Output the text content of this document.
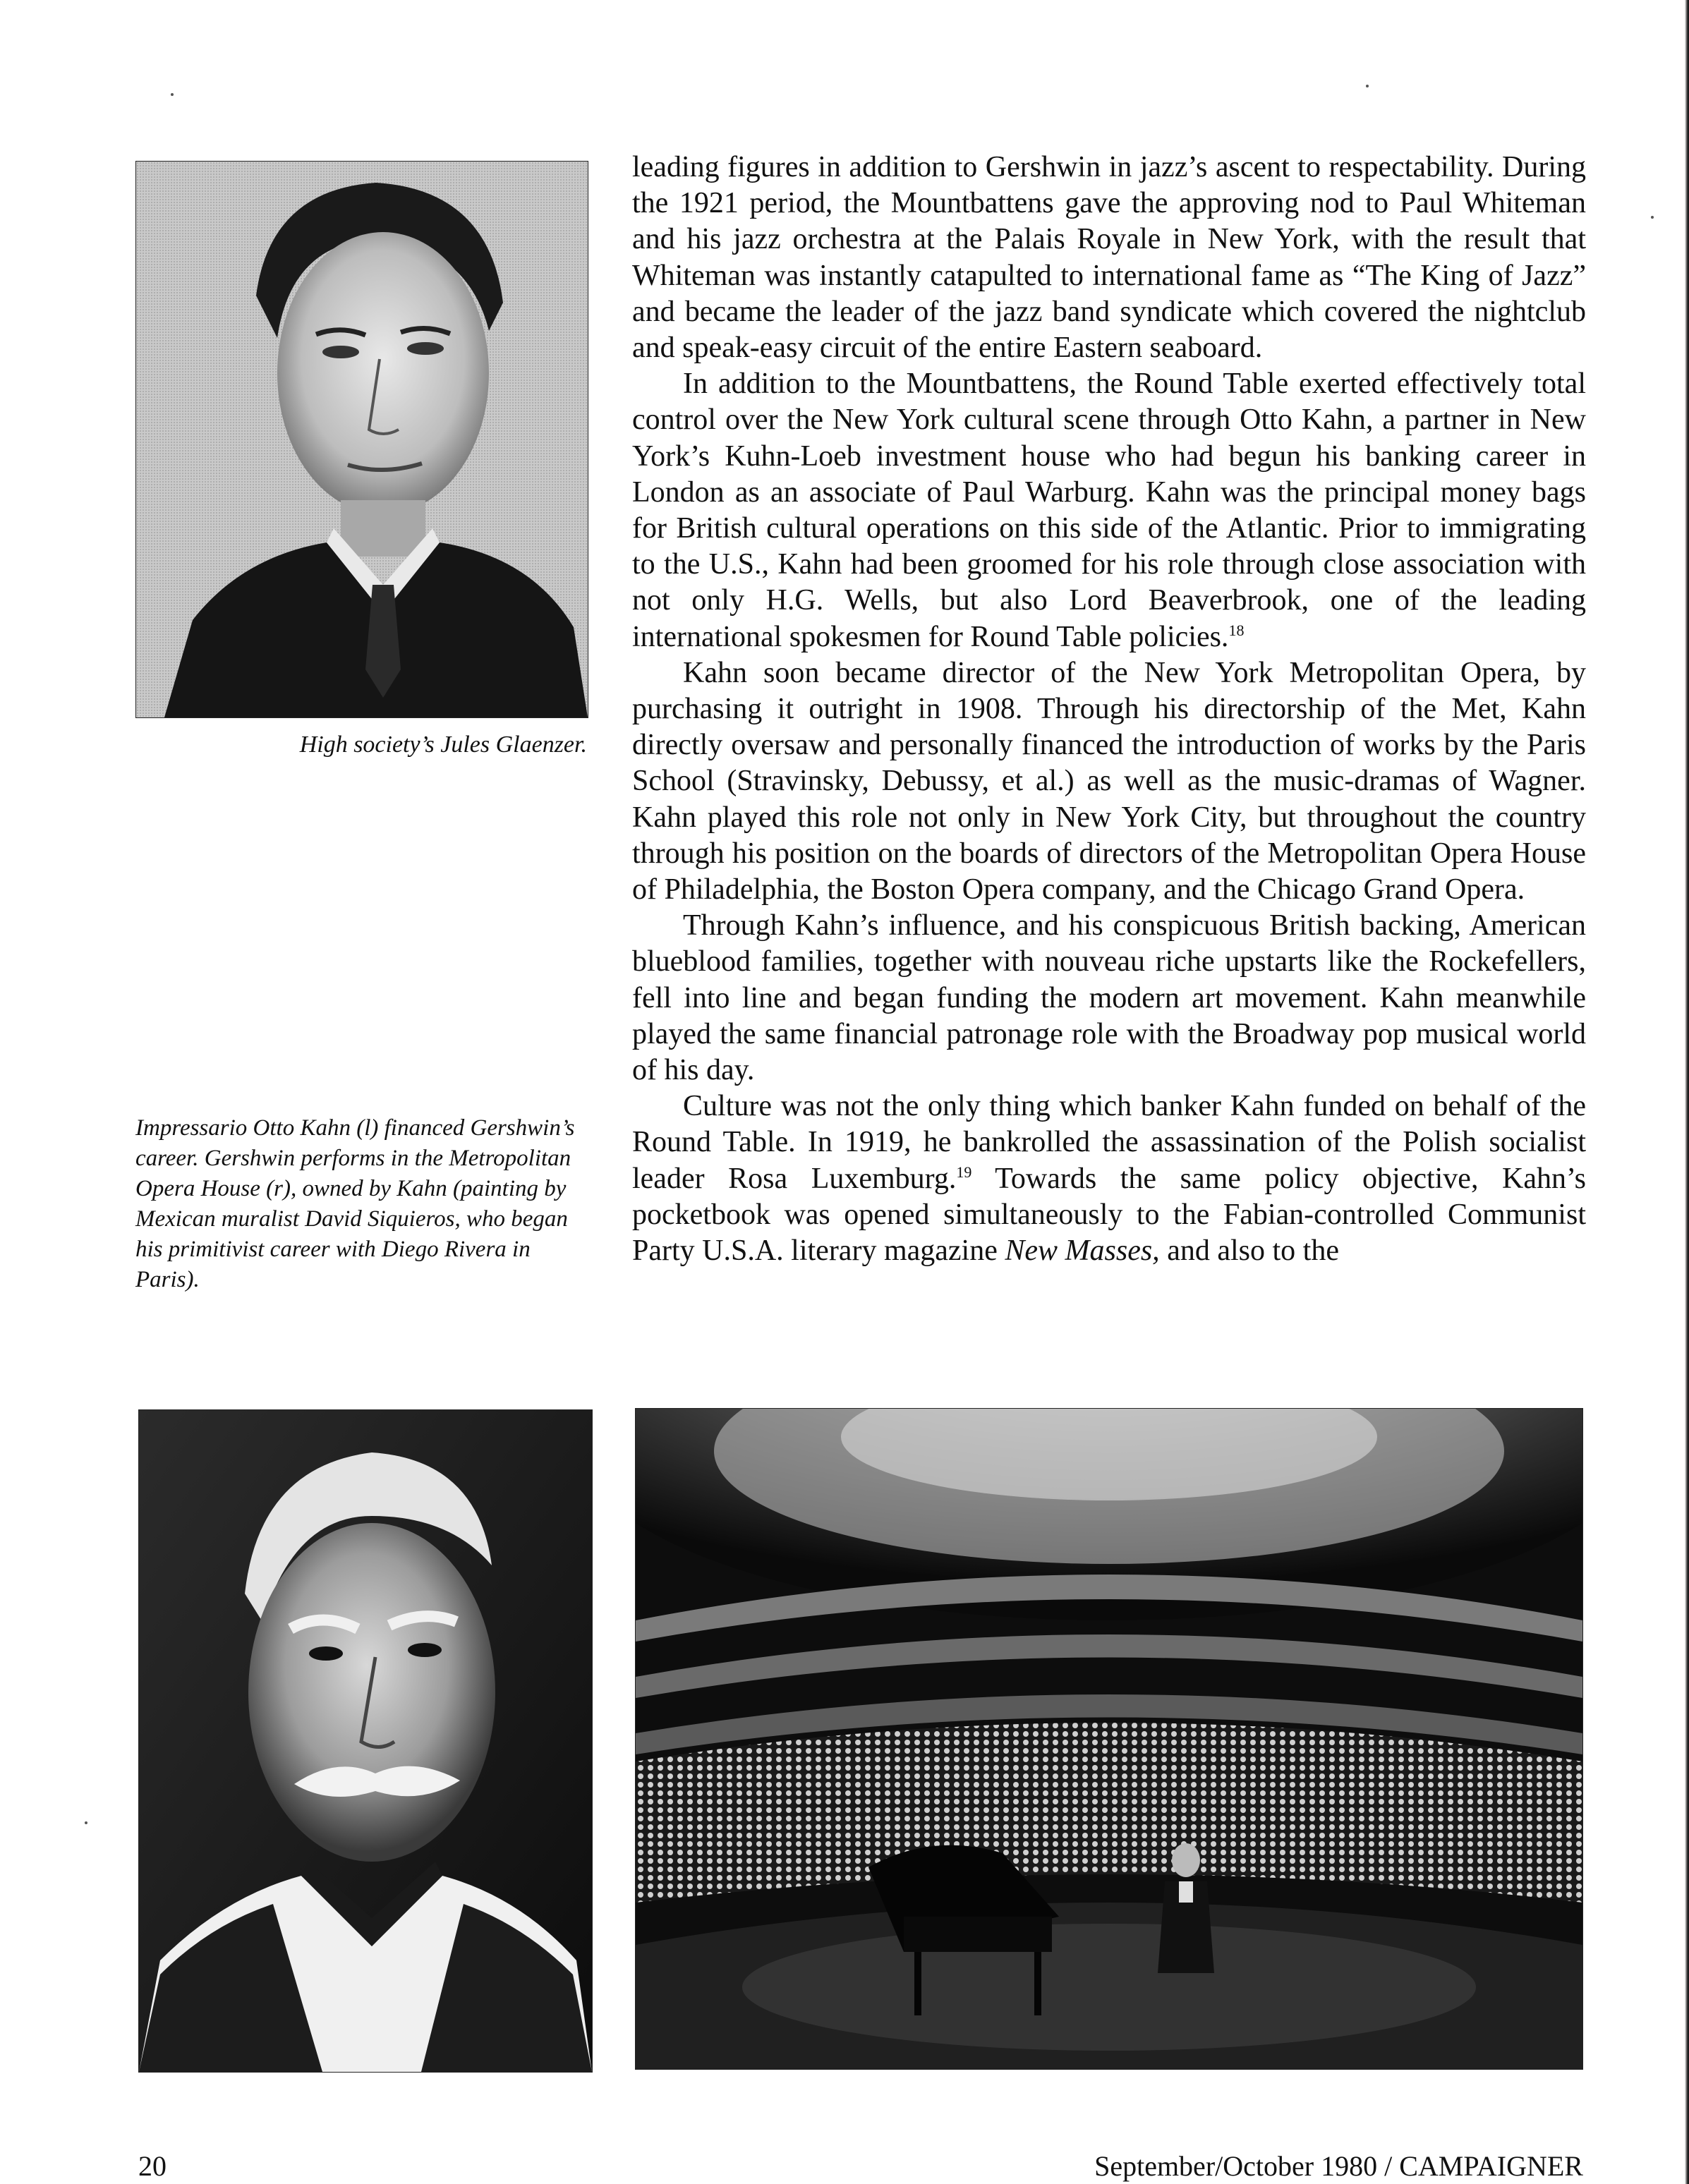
High society’s Jules Glaenzer.
Impressario Otto Kahn (l) financed Gershwin’s career. Gershwin performs in the Metropolitan Opera House (r), owned by Kahn (painting by Mexican muralist David Siquieros, who began his primitivist career with Diego Rivera in Paris).

leading figures in addition to Gershwin in jazz’s ascent to respectability. During the 1921 period, the Mountbattens gave the approving nod to Paul Whiteman and his jazz orchestra at the Palais Royale in New York, with the result that Whiteman was instantly catapulted to international fame as “The King of Jazz” and became the leader of the jazz band syndicate which covered the nightclub and speak-easy circuit of the entire Eastern seaboard.

In addition to the Mountbattens, the Round Table exerted effectively total control over the New York cultural scene through Otto Kahn, a partner in New York’s Kuhn-Loeb investment house who had begun his banking career in London as an associate of Paul Warburg. Kahn was the principal money bags for British cultural operations on this side of the Atlantic. Prior to immigrating to the U.S., Kahn had been groomed for his role through close association with not only H.G. Wells, but also Lord Beaverbrook, one of the leading international spokesmen for Round Table policies.$^{18}$

Kahn soon became director of the New York Metropolitan Opera, by purchasing it outright in 1908. Through his directorship of the Met, Kahn directly oversaw and personally financed the introduction of works by the Paris School (Stravinsky, Debussy, et al.) as well as the music-dramas of Wagner. Kahn played this role not only in New York City, but throughout the country through his position on the boards of directors of the Metropolitan Opera House of Philadelphia, the Boston Opera company, and the Chicago Grand Opera.

Through Kahn’s influence, and his conspicuous British backing, American blueblood families, together with nouveau riche upstarts like the Rockefellers, fell into line and began funding the modern art movement. Kahn meanwhile played the same financial patronage role with the Broadway pop musical world of his day.

Culture was not the only thing which banker Kahn funded on behalf of the Round Table. In 1919, he bankrolled the assassination of the Polish socialist leader Rosa Luxemburg.$^{19}$ Towards the same policy objective, Kahn’s pocketbook was opened simultaneously to the Fabian-controlled Communist Party U.S.A. literary magazine New Masses, and also to the

20	September/October 1980 / CAMPAIGNER
